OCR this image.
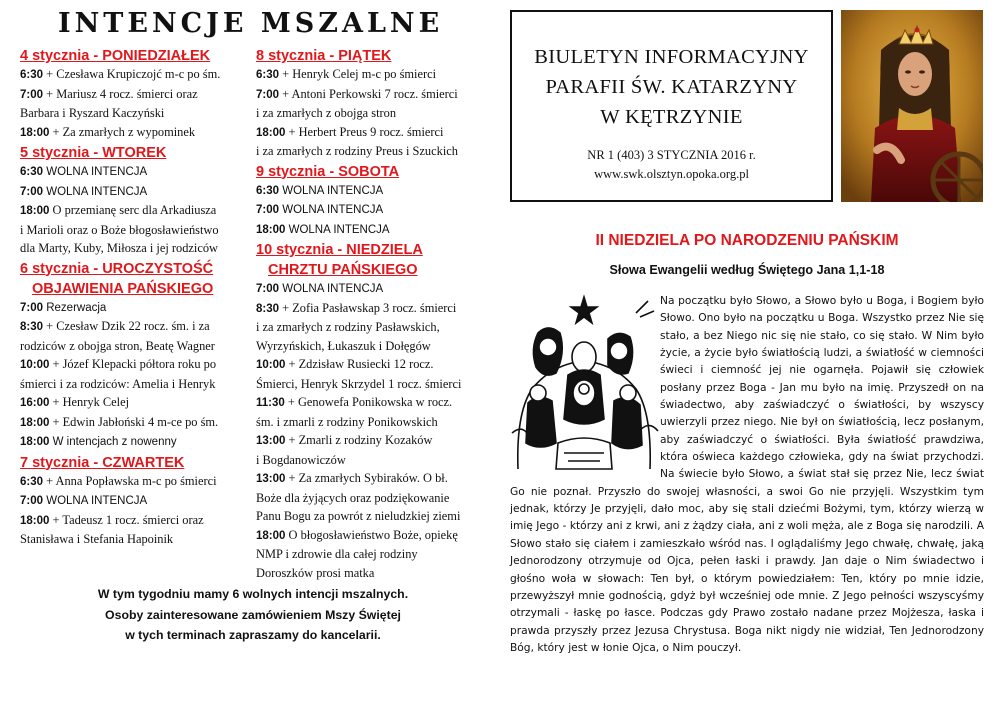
INTENCJE MSZALNE
4 stycznia - PONIEDZIAŁEK
6:30 + Czesława Krupiczojć m-c po śm.
7:00 + Mariusz 4 rocz. śmierci oraz
Barbara i Ryszard Kaczyński
18:00 + Za zmarłych z wypominek
5 stycznia - WTOREK
6:30 WOLNA INTENCJA
7:00 WOLNA INTENCJA
18:00 O przemianę serc dla Arkadiusza
i Marioli oraz o Boże błogosławieństwo
dla Marty, Kuby, Miłosza i jej rodziców
6 stycznia - UROCZYSTOŚĆ
OBJAWIENIA PAŃSKIEGO
7:00 Rezerwacja
8:30 + Czesław Dzik 22 rocz. śm. i za
rodziców z obojga stron, Beatę Wagner
10:00 + Józef Klepacki półtora roku po
śmierci i za rodziców: Amelia i Henryk
16:00 + Henryk Celej
18:00 + Edwin Jabłoński 4 m-ce po śm.
18:00 W intencjach z nowenny
7 stycznia - CZWARTEK
6:30 + Anna Popławska m-c po śmierci
7:00 WOLNA INTENCJA
18:00 + Tadeusz 1 rocz. śmierci oraz
Stanisława i Stefania Hapoinik
8 stycznia - PIĄTEK
6:30 + Henryk Celej m-c po śmierci
7:00 + Antoni Perkowski 7 rocz. śmierci
i za zmarłych z obojga stron
18:00 + Herbert Preus 9 rocz. śmierci
i za zmarłych z rodziny Preus i Szuckich
9 stycznia - SOBOTA
6:30 WOLNA INTENCJA
7:00 WOLNA INTENCJA
18:00 WOLNA INTENCJA
10 stycznia - NIEDZIELA
CHRZTU PAŃSKIEGO
7:00 WOLNA INTENCJA
8:30 + Zofia Pasławskap 3 rocz. śmierci
i za zmarłych z rodziny Pasławskich,
Wyrzyńskich, Łukaszuk i Dołęgów
10:00 + Zdzisław Rusiecki 12 rocz.
Śmierci, Henryk Skrzydel 1 rocz. śmierci
11:30 + Genowefa Ponikowska w rocz.
śm. i zmarli z rodziny Ponikowskich
13:00 + Zmarli z rodziny Kozaków
i Bogdanowiczów
13:00 + Za zmarłych Sybiraków. O bł.
Boże dla żyjących oraz podziękowanie
Panu Bogu za powrót z nieludzkiej ziemi
18:00 O błogosławieństwo Boże, opiekę
NMP i zdrowie dla całej rodziny
Doroszków prosi matka
W tym tygodniu mamy 6 wolnych intencji mszalnych.
Osoby zainteresowane zamówieniem Mszy Świętej
w tych terminach zapraszamy do kancelarii.
BIULETYN INFORMACYJNY
PARAFII ŚW. KATARZYNY
W KĘTRZYNIE
NR 1 (403) 3 STYCZNIA 2016 r.
www.swk.olsztyn.opoka.org.pl
II NIEDZIELA PO NARODZENIU PAŃSKIM
Słowa Ewangelii według Świętego Jana 1,1-18
Na początku było Słowo, a Słowo było u Boga, i Bogiem było Słowo. Ono było na początku u Boga. Wszystko przez Nie się stało, a bez Niego nic się nie stało, co się stało. W Nim było życie, a życie było światłością ludzi, a światłość w ciemności świeci i ciemność jej nie ogarnęła. Pojawił się człowiek posłany przez Boga - Jan mu było na imię. Przyszedł on na świadectwo, aby zaświadczyć o światłości, by wszyscy uwierzyli przez niego. Nie był on światłością, lecz posłanym, aby zaświadczyć o światłości. Była światłość prawdziwa, która oświeca każdego człowieka, gdy na świat przychodzi. Na świecie było Słowo, a świat stał się przez Nie, lecz świat Go nie poznał. Przyszło do swojej własności, a swoi Go nie przyjęli. Wszystkim tym jednak, którzy Je przyjęli, dało moc, aby się stali dziećmi Bożymi, tym, którzy wierzą w imię Jego - którzy ani z krwi, ani z żądzy ciała, ani z woli męża, ale z Boga się narodzili. A Słowo stało się ciałem i zamieszkało wśród nas. I oglądaliśmy Jego chwałę, chwałę, jaką Jednorodzony otrzymuje od Ojca, pełen łaski i prawdy. Jan daje o Nim świadectwo i głośno woła w słowach: Ten był, o którym powiedziałem: Ten, który po mnie idzie, przewyższył mnie godnością, gdyż był wcześniej ode mnie. Z Jego pełności wszyscyśmy otrzymali - łaskę po łasce. Podczas gdy Prawo zostało nadane przez Mojżesza, łaska i prawda przyszły przez Jezusa Chrystusa. Boga nikt nigdy nie widział, Ten Jednorodzony Bóg, który jest w łonie Ojca, o Nim pouczył.
